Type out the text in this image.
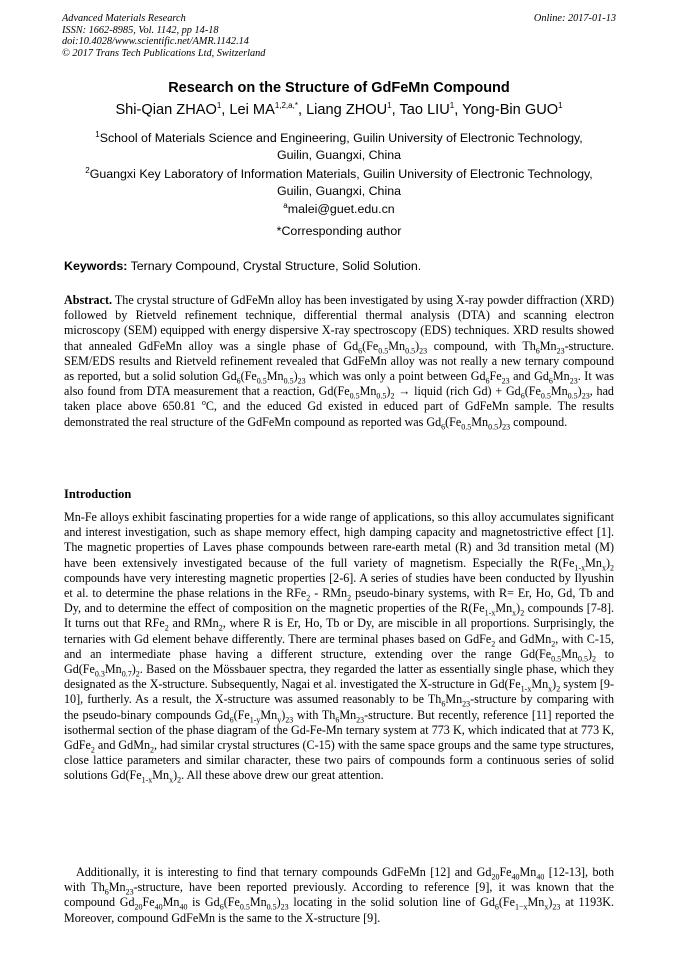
Advanced Materials Research
ISSN: 1662-8985, Vol. 1142, pp 14-18
doi:10.4028/www.scientific.net/AMR.1142.14
© 2017 Trans Tech Publications Ltd, Switzerland
Online: 2017-01-13
Research on the Structure of GdFeMn Compound
Shi-Qian ZHAO$^1$, Lei $MA^{1,2,a,*}$, Liang ZHOU$^1$, Tao LIU$^1$, Yong-Bin GUO$^1$
$^1$School of Materials Science and Engineering, Guilin University of Electronic Technology,
Guilin, Guangxi, China
$^2$Guangxi Key Laboratory of Information Materials, Guilin University of Electronic Technology,
Guilin, Guangxi, China
$^a$malei@guet.edu.cn
*Corresponding author
Keywords: Ternary Compound, Crystal Structure, Solid Solution.
Abstract. The crystal structure of GdFeMn alloy has been investigated by using X-ray powder diffraction (XRD) followed by Rietveld refinement technique, differential thermal analysis (DTA) and scanning electron microscopy (SEM) equipped with energy dispersive X-ray spectroscopy (EDS) techniques. XRD results showed that annealed GdFeMn alloy was a single phase of $Gd_6(Fe_{0.5}Mn_{0.5})_{23}$ compound, with $Th_6Mn_{23}$-structure. SEM/EDS results and Rietveld refinement revealed that GdFeMn alloy was not really a new ternary compound as reported, but a solid solution $Gd_6(Fe_{0.5}Mn_{0.5})_{23}$ which was only a point between $Gd_6Fe_{23}$ and $Gd_6Mn_{23}$. It was also found from DTA measurement that a reaction, $Gd(Fe_{0.5}Mn_{0.5})_2$ → liquid (rich $Gd) + Gd_6(Fe_{0.5}Mn_{0.5})_{23}$, had taken place above 650.81 $^o$C, and the educed Gd existed in educed part of GdFeMn sample. The results demonstrated the real structure of the GdFeMn compound as reported was $Gd_6(Fe_{0.5}Mn_{0.5})_{23}$ compound.
Introduction
Mn-Fe alloys exhibit fascinating properties for a wide range of applications, so this alloy accumulates significant and interest investigation, such as shape memory effect, high damping capacity and magnetostrictive effect [1]. The magnetic properties of Laves phase compounds between rare-earth metal (R) and 3d transition metal (M) have been extensively investigated because of the full variety of magnetism. Especially the $R(Fe_{1-x}Mn_x)_2$ compounds have very interesting magnetic properties [2-6]. A series of studies have been conducted by Ilyushin et al. to determine the phase relations in the RFe$_2$ - RMn$_2$ pseudo-binary systems, with R= Er, Ho, Gd, Tb and Dy, and to determine the effect of composition on the magnetic properties of the $R(Fe_{1-x}Mn_x)_2$ compounds [7-8]. It turns out that RFe$_2$ and RMn$_2$, where R is Er, Ho, Tb or Dy, are miscible in all proportions. Surprisingly, the ternaries with Gd element behave differently. There are terminal phases based on GdFe$_2$ and GdMn$_2$, with C-15, and an intermediate phase having a different structure, extending over the range $Gd(Fe_{0.5}Mn_{0.5})_2$ to $Gd(Fe_{0.3}Mn_{0.7})_2$. Based on the Mössbauer spectra, they regarded the latter as essentially single phase, which they designated as the X-structure. Subsequently, Nagai et al. investigated the X-structure in $Gd(Fe_{1-x}Mn_x)_2$ system [9-10], furtherly. As a result, the X-structure was assumed reasonably to be $Th_6Mn_{23}$-structure by comparing with the pseudo-binary compounds $Gd_6(Fe_{1-y}Mn_y)_{23}$ with $Th_6Mn_{23}$-structure. But recently, reference [11] reported the isothermal section of the phase diagram of the Gd-Fe-Mn ternary system at 773 K, which indicated that at 773 K, GdFe$_2$ and GdMn$_2$, had similar crystal structures (C-15) with the same space groups and the same type structures, close lattice parameters and similar character, these two pairs of compounds form a continuous series of solid solutions $Gd(Fe_{1-x}Mn_x)_2$. All these above drew our great attention.
Additionally, it is interesting to find that ternary compounds GdFeMn [12] and $Gd_{20}Fe_{40}Mn_{40}$ [12-13], both with $Th_6Mn_{23}$-structure, have been reported previously. According to reference [9], it was known that the compound $Gd_{20}Fe_{40}Mn_{40}$ is $Gd_6(Fe_{0.5}Mn_{0.5})_{23}$ locating in the solid solution line of $Gd_6(Fe_{1-x}Mn_x)_{23}$ at 1193K. Moreover, compound GdFeMn is the same to the X-structure [9].
